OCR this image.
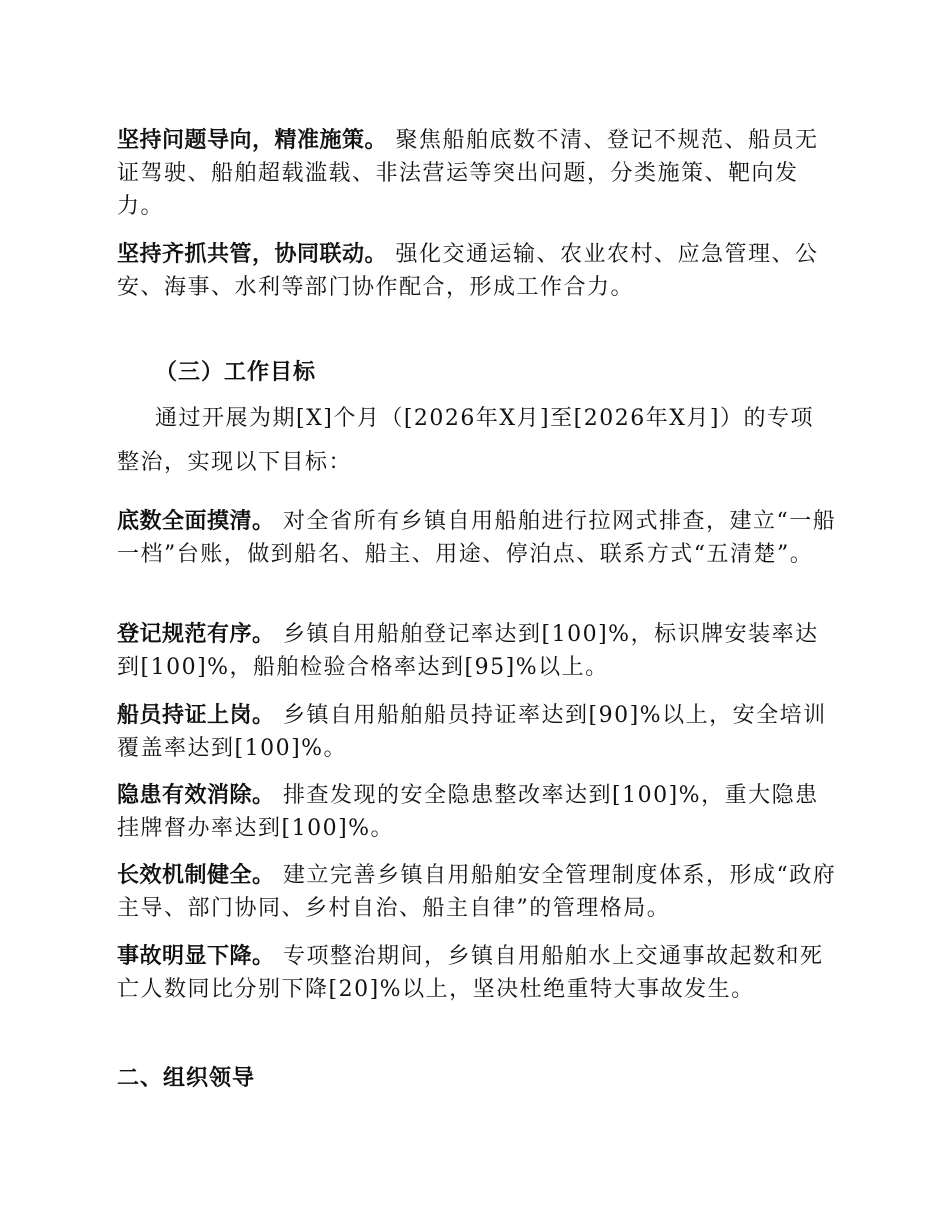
坚持问题导向，精准施策。 聚焦船舶底数不清、登记不规范、船员无证驾驶、船舶超载滥载、非法营运等突出问题，分类施策、靶向发力。

坚持齐抓共管，协同联动。 强化交通运输、农业农村、应急管理、公安、海事、水利等部门协作配合，形成工作合力。

（三）工作目标

通过开展为期[X]个月（[2026年X月]至[2026年X月]）的专项整治，实现以下目标：

底数全面摸清。 对全省所有乡镇自用船舶进行拉网式排查，建立“一船一档”台账，做到船名、船主、用途、停泊点、联系方式“五清楚”。

登记规范有序。 乡镇自用船舶登记率达到[100]%，标识牌安装率达到[100]%，船舶检验合格率达到[95]%以上。

船员持证上岗。 乡镇自用船舶船员持证率达到[90]%以上，安全培训覆盖率达到[100]%。

隐患有效消除。 排查发现的安全隐患整改率达到[100]%，重大隐患挂牌督办率达到[100]%。

长效机制健全。 建立完善乡镇自用船舶安全管理制度体系，形成“政府主导、部门协同、乡村自治、船主自律”的管理格局。

事故明显下降。 专项整治期间，乡镇自用船舶水上交通事故起数和死亡人数同比分别下降[20]%以上，坚决杜绝重特大事故发生。

二、组织领导
